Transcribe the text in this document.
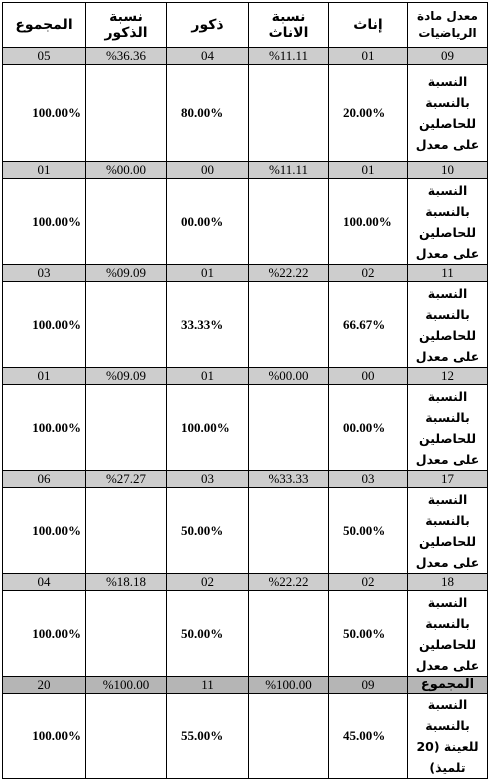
معدل مادة الرياضيات	إناث	نسبة الاناث	ذكور	نسبة الذكور	المجموع
09	01	%11.11	04	%36.36	05
النسبة بالنسبة للحاصلين على معدل	20.00%		80.00%		100.00%
10	01	%11.11	00	%00.00	01
النسبة بالنسبة للحاصلين على معدل	100.00%		00.00%		100.00%
11	02	%22.22	01	%09.09	03
النسبة بالنسبة للحاصلين على معدل	66.67%		33.33%		100.00%
12	00	%00.00	01	%09.09	01
النسبة بالنسبة للحاصلين على معدل	00.00%		100.00%		100.00%
17	03	%33.33	03	%27.27	06
النسبة بالنسبة للحاصلين على معدل	50.00%		50.00%		100.00%
18	02	%22.22	02	%18.18	04
النسبة بالنسبة للحاصلين على معدل	50.00%		50.00%		100.00%
المجموع	09	%100.00	11	%100.00	20
النسبة بالنسبة للعينة (20 تلميذ)	45.00%		55.00%		100.00%
